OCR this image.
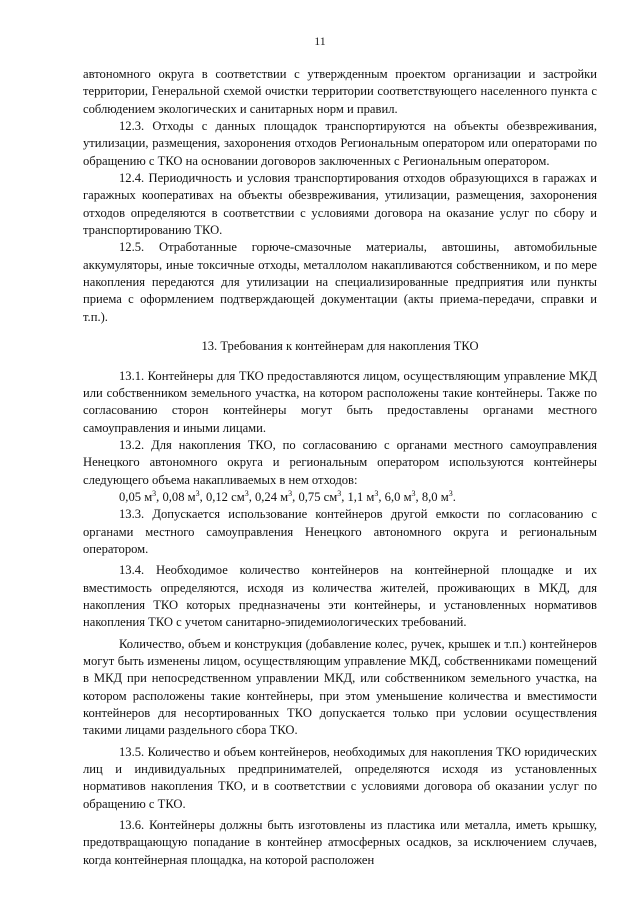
11

автономного округа в соответствии с утвержденным проектом организации и застройки территории, Генеральной схемой очистки территории соответствующего населенного пункта с соблюдением экологических и санитарных норм и правил.

12.3. Отходы с данных площадок транспортируются на объекты обезвреживания, утилизации, размещения, захоронения отходов Региональным оператором или операторами по обращению с ТКО на основании договоров заключенных с Региональным оператором.

12.4. Периодичность и условия транспортирования отходов образующихся в гаражах и гаражных кооперативах на объекты обезвреживания, утилизации, размещения, захоронения отходов определяются в соответствии с условиями договора на оказание услуг по сбору и транспортированию ТКО.

12.5. Отработанные горюче-смазочные материалы, автошины, автомобильные аккумуляторы, иные токсичные отходы, металлолом накапливаются собственником, и по мере накопления передаются для утилизации на специализированные предприятия или пункты приема с оформлением подтверждающей документации (акты приема-передачи, справки и т.п.).

13. Требования к контейнерам для накопления ТКО

13.1. Контейнеры для ТКО предоставляются лицом, осуществляющим управление МКД или собственником земельного участка, на котором расположены такие контейнеры. Также по согласованию сторон контейнеры могут быть предоставлены органами местного самоуправления и иными лицами.

13.2. Для накопления ТКО, по согласованию с органами местного самоуправления Ненецкого автономного округа и региональным оператором используются контейнеры следующего объема накапливаемых в нем отходов:

0,05 $м^3$, 0,08 $м^3$, 0,12 $см^3$, 0,24 $м^3$, 0,75 $см^3$, 1,1 $м^3$, 6,0 $м^3$, 8,0 $м^3$.

13.3. Допускается использование контейнеров другой емкости по согласованию с органами местного самоуправления Ненецкого автономного округа и региональным оператором.

13.4. Необходимое количество контейнеров на контейнерной площадке и их вместимость определяются, исходя из количества жителей, проживающих в МКД, для накопления ТКО которых предназначены эти контейнеры, и установленных нормативов накопления ТКО с учетом санитарно-эпидемиологических требований.

Количество, объем и конструкция (добавление колес, ручек, крышек и т.п.) контейнеров могут быть изменены лицом, осуществляющим управление МКД, собственниками помещений в МКД при непосредственном управлении МКД, или собственником земельного участка, на котором расположены такие контейнеры, при этом уменьшение количества и вместимости контейнеров для несортированных ТКО допускается только при условии осуществления такими лицами раздельного сбора ТКО.

13.5. Количество и объем контейнеров, необходимых для накопления ТКО юридических лиц и индивидуальных предпринимателей, определяются исходя из установленных нормативов накопления ТКО, и в соответствии с условиями договора об оказании услуг по обращению с ТКО.

13.6. Контейнеры должны быть изготовлены из пластика или металла, иметь крышку, предотвращающую попадание в контейнер атмосферных осадков, за исключением случаев, когда контейнерная площадка, на которой расположен
